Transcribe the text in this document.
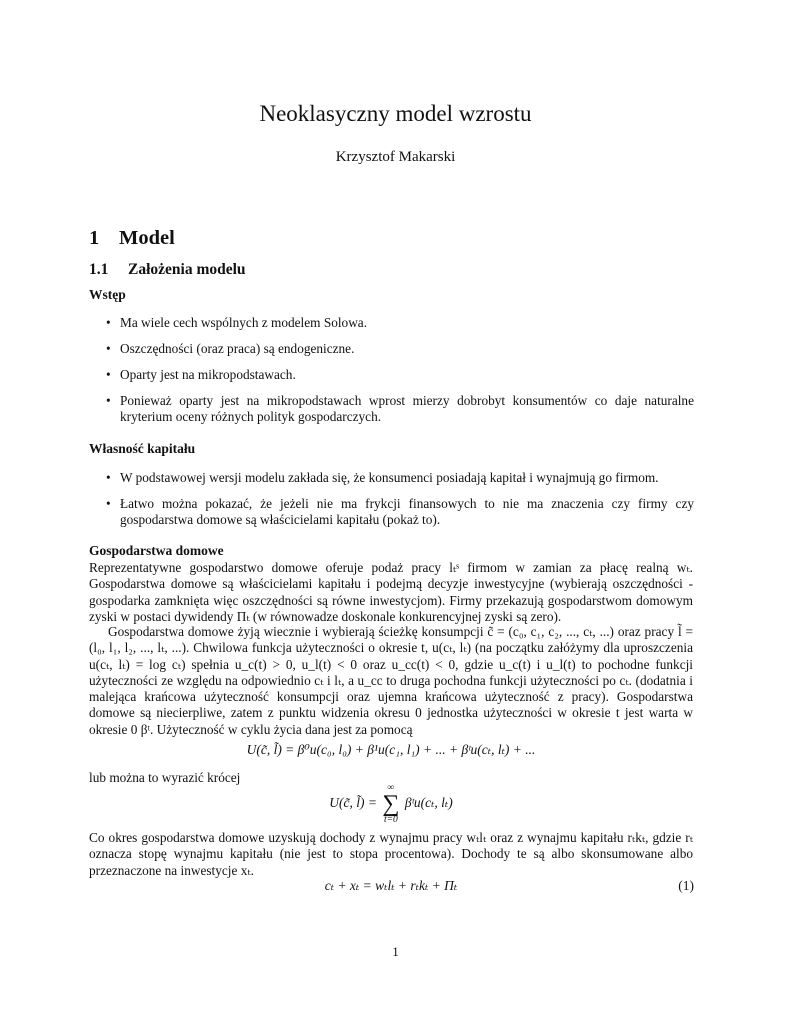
Neoklasyczny model wzrostu
Krzysztof Makarski
1 Model
1.1 Założenia modelu
Wstęp
• Ma wiele cech wspólnych z modelem Solowa.
• Oszczędności (oraz praca) są endogeniczne.
• Oparty jest na mikropodstawach.
• Ponieważ oparty jest na mikropodstawach wprost mierzy dobrobyt konsumentów co daje naturalne kryterium oceny różnych polityk gospodarczych.
Własność kapitału
• W podstawowej wersji modelu zakłada się, że konsumenci posiadają kapitał i wynajmują go firmom.
• Łatwo można pokazać, że jeżeli nie ma frykcji finansowych to nie ma znaczenia czy firmy czy gospodarstwa domowe są właścicielami kapitału (pokaż to).
Gospodarstwa domowe

Reprezentatywne gospodarstwo domowe oferuje podaż pracy lₜˢ firmom w zamian za płacę realną wₜ. Gospodarstwa domowe są właścicielami kapitału i podejmą decyzje inwestycyjne (wybierają oszczędności - gospodarka zamknięta więc oszczędności są równe inwestycjom). Firmy przekazują gospodarstwom domowym zyski w postaci dywidendy Πₜ (w równowadze doskonale konkurencyjnej zyski są zero).

Gospodarstwa domowe żyją wiecznie i wybierają ścieżkę konsumpcji c̃ = (c₀, c₁, c₂, ..., cₜ, ...) oraz pracy l̃ = (l₀, l₁, l₂, ..., lₜ, ...). Chwilowa funkcja użyteczności o okresie t, u(cₜ, lₜ) (na początku załóżymy dla uproszczenia u(cₜ, lₜ) = log cₜ) spełnia u_c(t) > 0, u_l(t) < 0 oraz u_cc(t) < 0, gdzie u_c(t) i u_l(t) to pochodne funkcji użyteczności ze względu na odpowiednio cₜ i lₜ, a u_cc to druga pochodna funkcji użyteczności po cₜ. (dodatnia i malejąca krańcowa użyteczność konsumpcji oraz ujemna krańcowa użyteczność z pracy). Gospodarstwa domowe są niecierpliwe, zatem z punktu widzenia okresu 0 jednostka użyteczności w okresie t jest warta w okresie 0 βᵗ. Użyteczność w cyklu życia dana jest za pomocą

U(c̃, l̃) = β⁰u(c₀, l₀) + β¹u(c₁, l₁) + ... + βᵗu(cₜ, lₜ) + ...

lub można to wyrazić krócej

U(c̃, l̃) =
∞
∑
t=0
βᵗu(cₜ, lₜ)

Co okres gospodarstwa domowe uzyskują dochody z wynajmu pracy wₜlₜ oraz z wynajmu kapitału rₜkₜ, gdzie rₜ oznacza stopę wynajmu kapitału (nie jest to stopa procentowa). Dochody te są albo skonsumowane albo przeznaczone na inwestycje xₜ.

cₜ + xₜ = wₜlₜ + rₜkₜ + Πₜ	(1)
1
